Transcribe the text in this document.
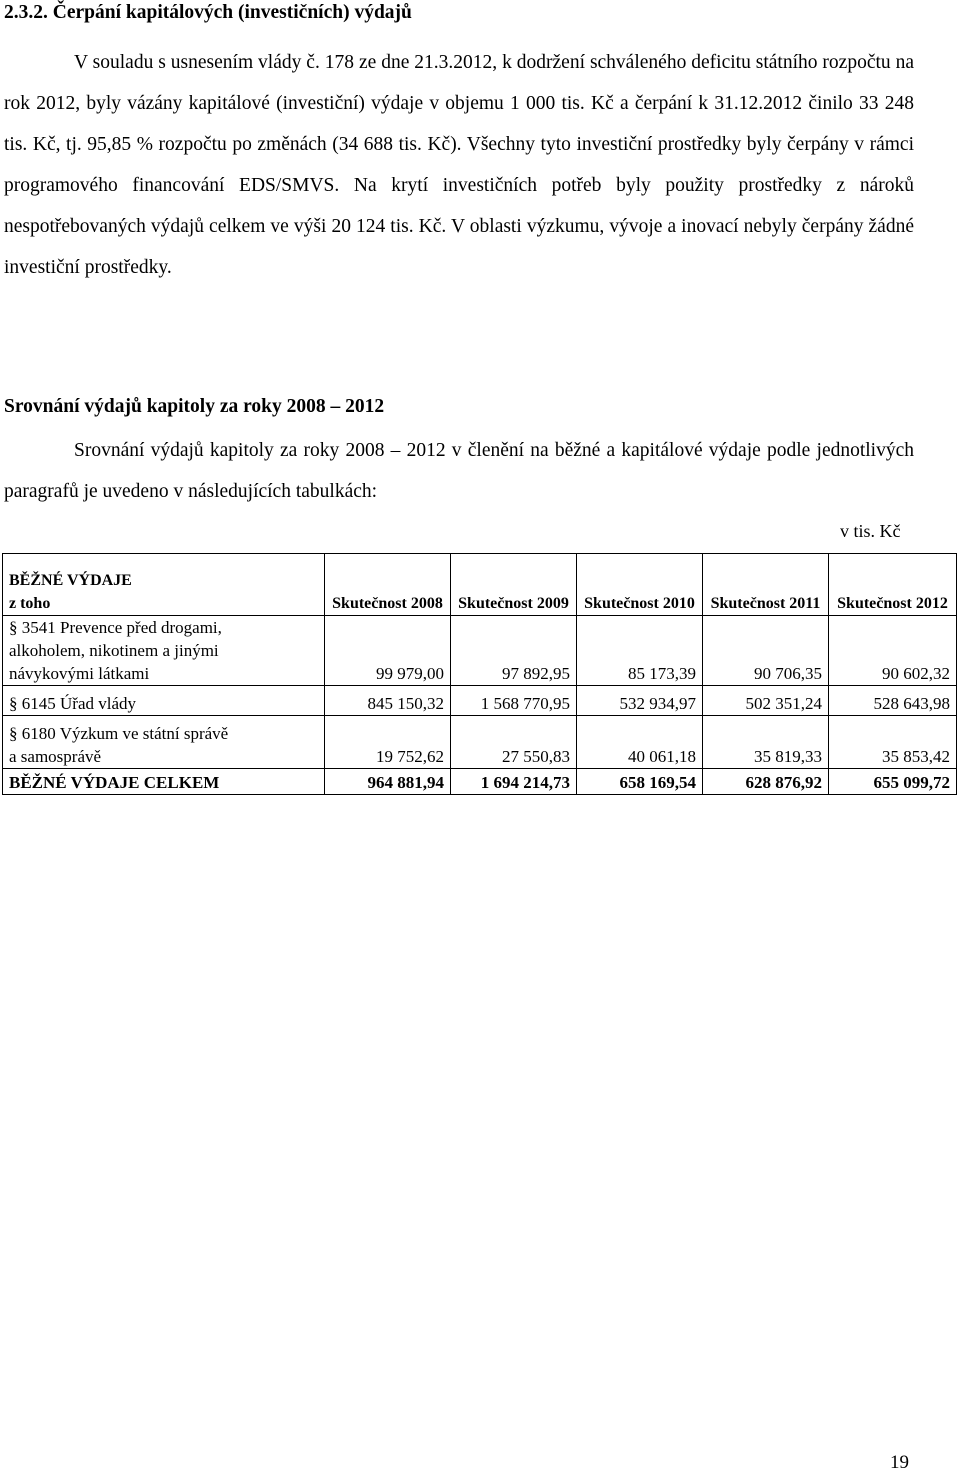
2.3.2. Čerpání kapitálových (investičních) výdajů

V souladu s usnesením vlády č. 178 ze dne 21.3.2012, k dodržení schváleného deficitu státního rozpočtu na rok 2012, byly vázány kapitálové (investiční) výdaje v objemu 1 000 tis. Kč a čerpání k 31.12.2012 činilo 33 248 tis. Kč, tj. 95,85 % rozpočtu po změnách (34 688 tis. Kč). Všechny tyto investiční prostředky byly čerpány v rámci programového financování EDS/SMVS. Na krytí investičních potřeb byly použity prostředky z nároků nespotřebovaných výdajů celkem ve výši 20 124 tis. Kč. V oblasti výzkumu, vývoje a inovací nebyly čerpány žádné investiční prostředky.

Srovnání výdajů kapitoly za roky 2008 – 2012

Srovnání výdajů kapitoly za roky 2008 – 2012 v členění na běžné a kapitálové výdaje podle jednotlivých paragrafů je uvedeno v následujících tabulkách:

v tis. Kč
BĚŽNÉ VÝDAJE
z toho	Skutečnost 2008	Skutečnost 2009	Skutečnost 2010	Skutečnost 2011	Skutečnost 2012
§ 3541 Prevence před drogami,
alkoholem, nikotinem a jinými
návykovými látkami	99 979,00	97 892,95	85 173,39	90 706,35	90 602,32
§ 6145 Úřad vlády	845 150,32	1 568 770,95	532 934,97	502 351,24	528 643,98

§ 6180 Výzkum ve státní správě
a samosprávě	19 752,62	27 550,83	40 061,18	35 819,33	35 853,42
BĚŽNÉ VÝDAJE CELKEM	964 881,94	1 694 214,73	658 169,54	628 876,92	655 099,72
19
